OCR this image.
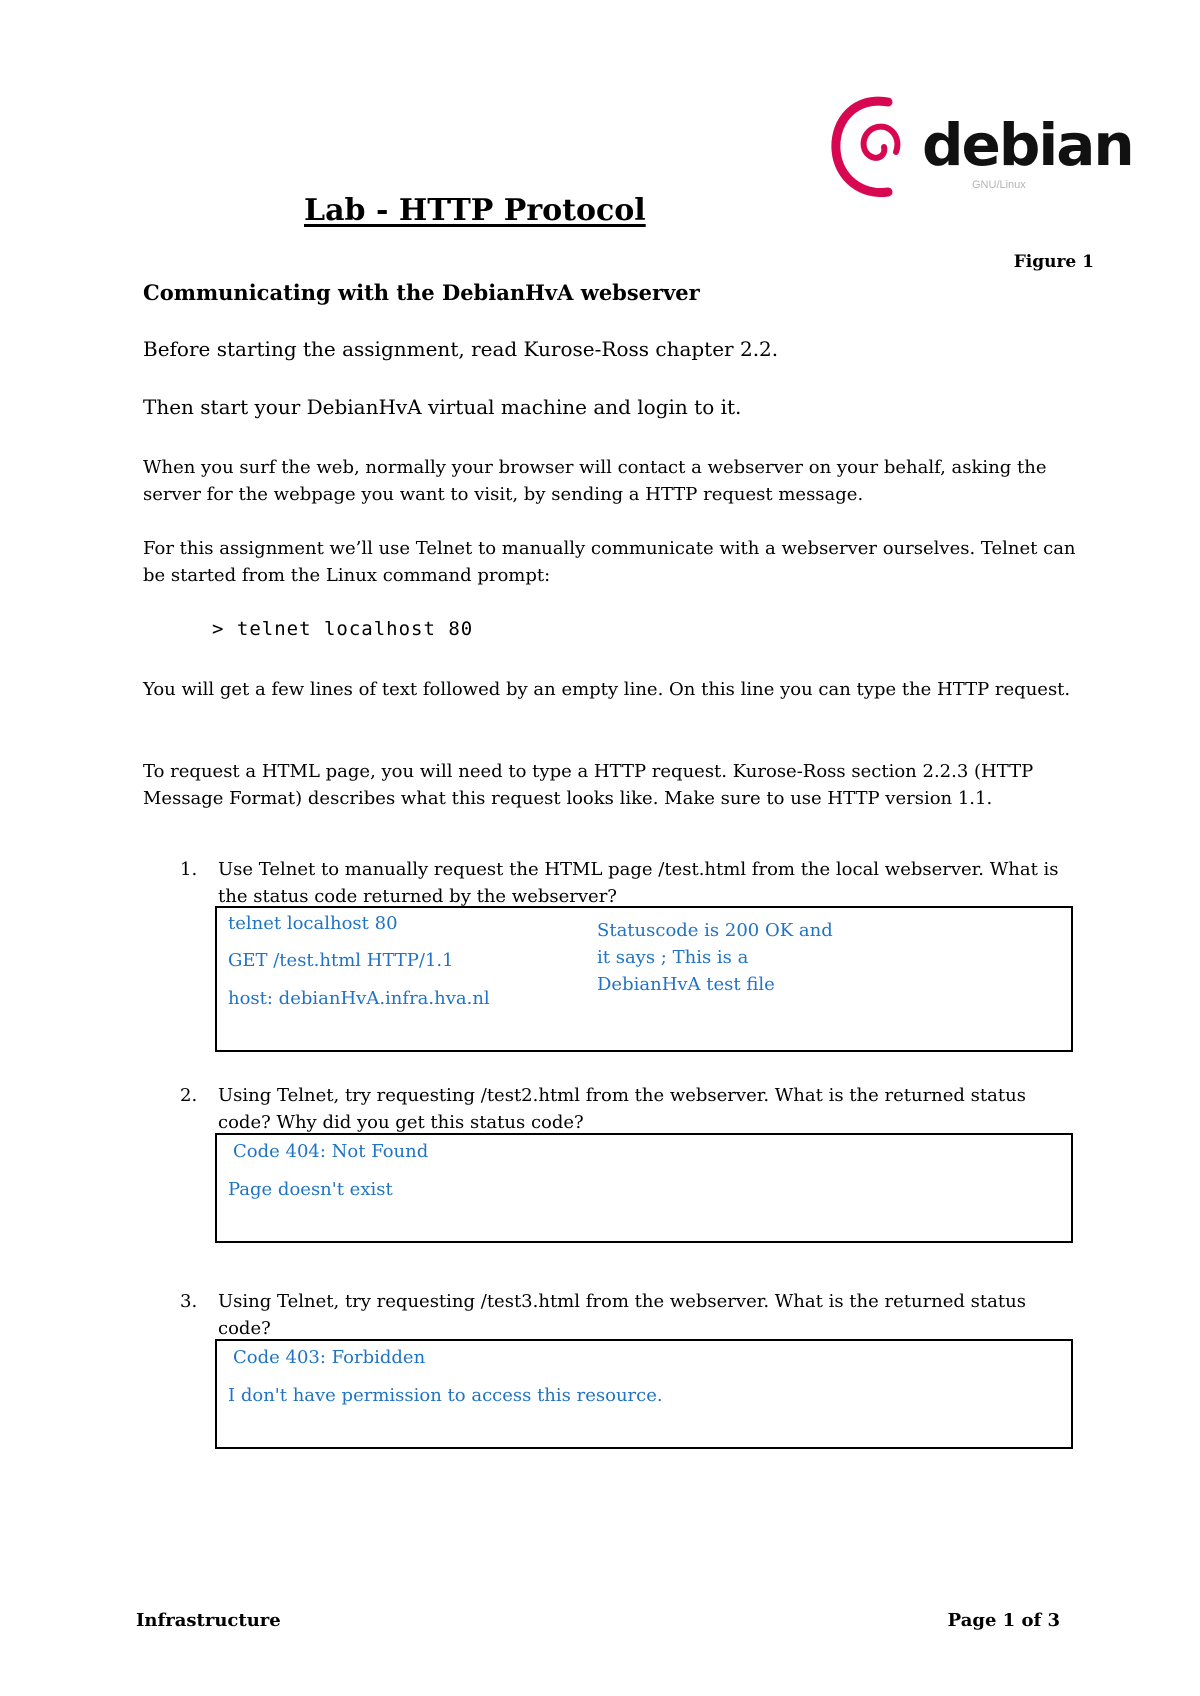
debian
GNU/Linux
Figure 1
Lab - HTTP Protocol
Communicating with the DebianHvA webserver
Before starting the assignment, read Kurose-Ross chapter 2.2.
Then start your DebianHvA virtual machine and login to it.
When you surf the web, normally your browser will contact a webserver on your behalf, asking the server for the webpage you want to visit, by sending a HTTP request message.
For this assignment we’ll use Telnet to manually communicate with a webserver ourselves. Telnet can be started from the Linux command prompt:
> telnet localhost 80
You will get a few lines of text followed by an empty line. On this line you can type the HTTP request.
To request a HTML page, you will need to type a HTTP request. Kurose-Ross section 2.2.3 (HTTP Message Format) describes what this request looks like. Make sure to use HTTP version 1.1.
1.	Use Telnet to manually request the HTML page /test.html from the local webserver. What is the status code returned by the webserver?
telnet localhost 80
GET /test.html HTTP/1.1
host: debianHvA.infra.hva.nl
Statuscode is 200 OK and
it says ; This is a
DebianHvA test file
2.	Using Telnet, try requesting /test2.html from the webserver. What is the returned status code? Why did you get this status code?
Code 404: Not Found
Page doesn't exist
3.	Using Telnet, try requesting /test3.html from the webserver. What is the returned status code?
Code 403: Forbidden
I don't have permission to access this resource.
Infrastructure	Page 1 of 3
